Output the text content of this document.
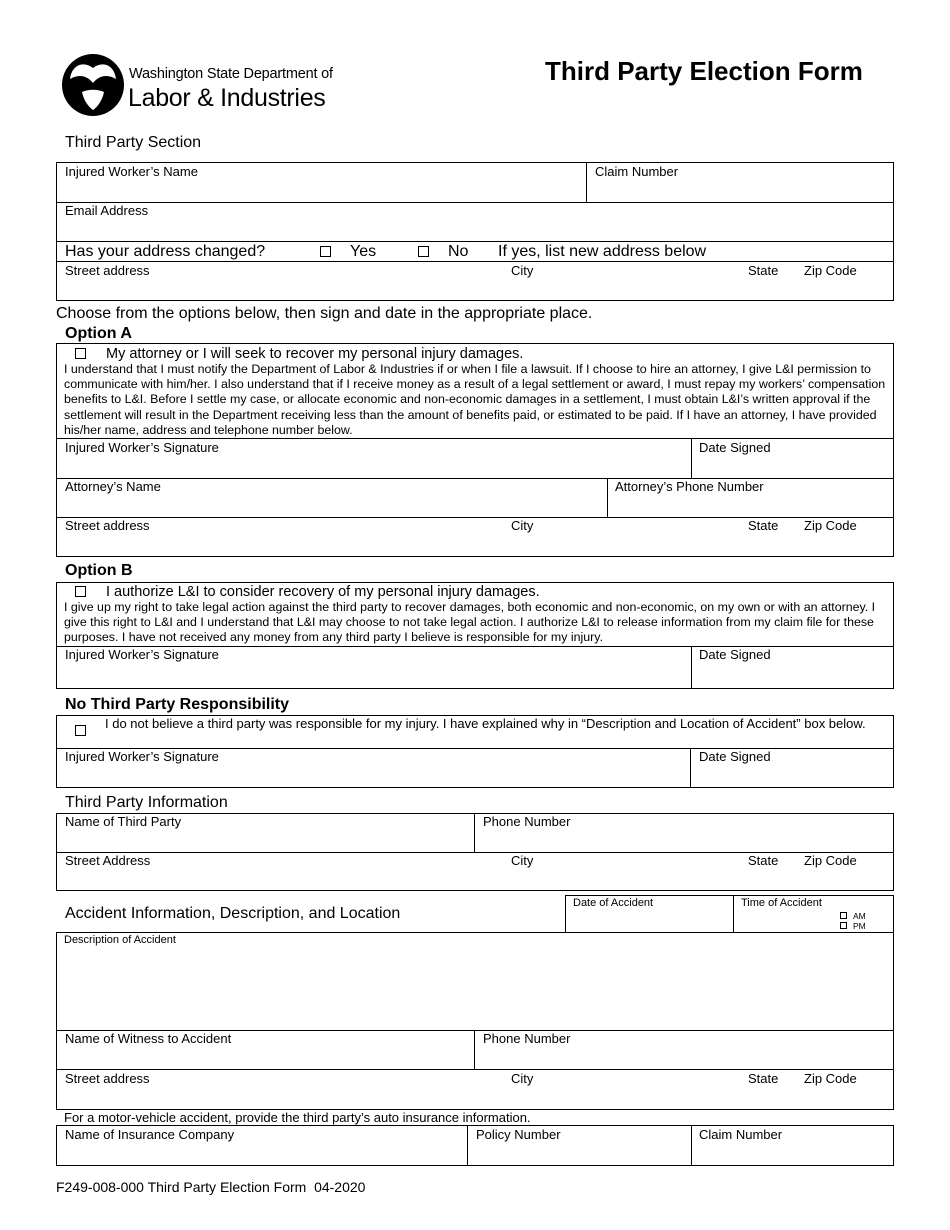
Washington State Department of
Labor & Industries
Third Party Election Form
Third Party Section
Injured Worker’s Name	Claim Number
Email Address
Has your address changed?	Yes	No If yes, list new address below
Street address	City	State Zip Code
Choose from the options below, then sign and date in the appropriate place.
Option A
My attorney or I will seek to recover my personal injury damages.
I understand that I must notify the Department of Labor & Industries if or when I file a lawsuit. If I choose to hire an attorney, I give L&I permission to communicate with him/her. I also understand that if I receive money as a result of a legal settlement or award, I must repay my workers’ compensation benefits to L&I. Before I settle my case, or allocate economic and non-economic damages in a settlement, I must obtain L&I’s written approval if the settlement will result in the Department receiving less than the amount of benefits paid, or estimated to be paid. If I have an attorney, I have provided his/her name, address and telephone number below.
Injured Worker’s Signature	Date Signed
Attorney’s Name	Attorney’s Phone Number
Street address	City	State Zip Code
Option B
I authorize L&I to consider recovery of my personal injury damages.
I give up my right to take legal action against the third party to recover damages, both economic and non-economic, on my own or with an attorney. I give this right to L&I and I understand that L&I may choose to not take legal action. I authorize L&I to release information from my claim file for these purposes. I have not received any money from any third party I believe is responsible for my injury.
Injured Worker’s Signature	Date Signed
No Third Party Responsibility
I do not believe a third party was responsible for my injury. I have explained why in “Description and Location of Accident” box below.
Injured Worker’s Signature	Date Signed
Third Party Information
Name of Third Party	Phone Number
Street Address	City	State Zip Code
Accident Information, Description, and Location
Date of Accident	Time of Accident
AM
PM
Description of Accident
Name of Witness to Accident	Phone Number
Street address	City	State Zip Code
For a motor-vehicle accident, provide the third party’s auto insurance information.
Name of Insurance Company	Policy Number	Claim Number
F249-008-000 Third Party Election Form  04-2020
